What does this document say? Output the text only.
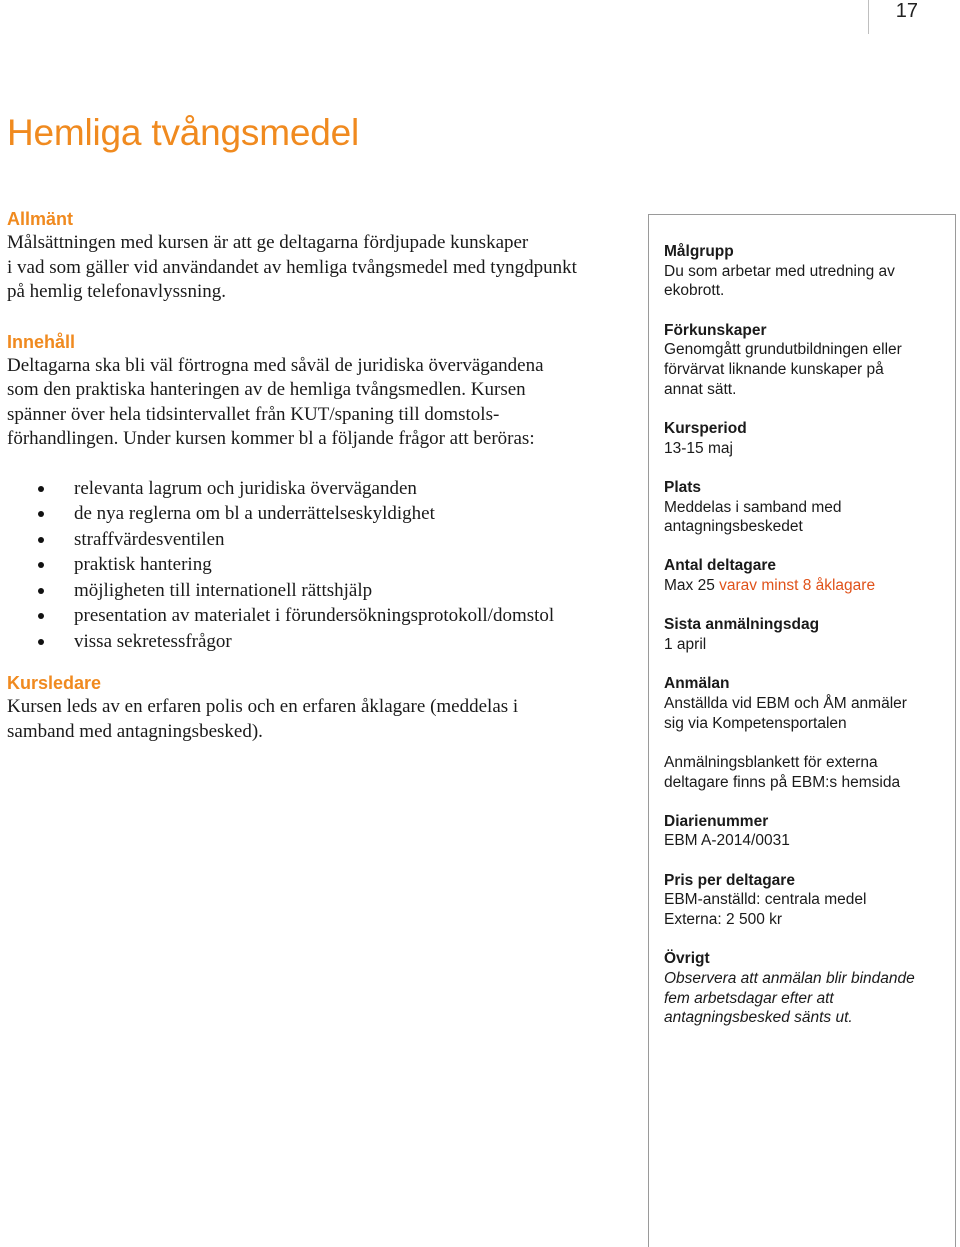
17
Hemliga tvångsmedel

Allmänt

Målsättningen med kursen är att ge deltagarna fördjupade kunskaper
i vad som gäller vid användandet av hemliga tvångsmedel med tyngdpunkt
på hemlig telefonavlyssning.

Innehåll

Deltagarna ska bli väl förtrogna med såväl de juridiska övervägandena
som den praktiska hanteringen av de hemliga tvångsmedlen. Kursen
spänner över hela tidsintervallet från KUT/spaning till domstols-
förhandlingen. Under kursen kommer bl a följande frågor att beröras:

relevanta lagrum och juridiska överväganden
de nya reglerna om bl a underrättelseskyldighet
straffvärdesventilen
praktisk hantering
möjligheten till internationell rättshjälp
presentation av materialet i förundersökningsprotokoll/domstol
vissa sekretessfrågor

Kursledare

Kursen leds av en erfaren polis och en erfaren åklagare (meddelas i
samband med antagningsbesked).

Målgrupp
Du som arbetar med utredning av
ekobrott.
Förkunskaper
Genomgått grundutbildningen eller
förvärvat liknande kunskaper på
annat sätt.
Kursperiod
13-15 maj
Plats
Meddelas i samband med
antagningsbeskedet
Antal deltagare
Max 25 varav minst 8 åklagare
Sista anmälningsdag
1 april
Anmälan
Anställda vid EBM och ÅM anmäler
sig via Kompetensportalen
Anmälningsblankett för externa
deltagare finns på EBM:s hemsida
Diarienummer
EBM A-2014/0031
Pris per deltagare
EBM-anställd: centrala medel
Externa: 2 500 kr
Övrigt
Observera att anmälan blir bindande
fem arbetsdagar efter att
antagningsbesked sänts ut.
